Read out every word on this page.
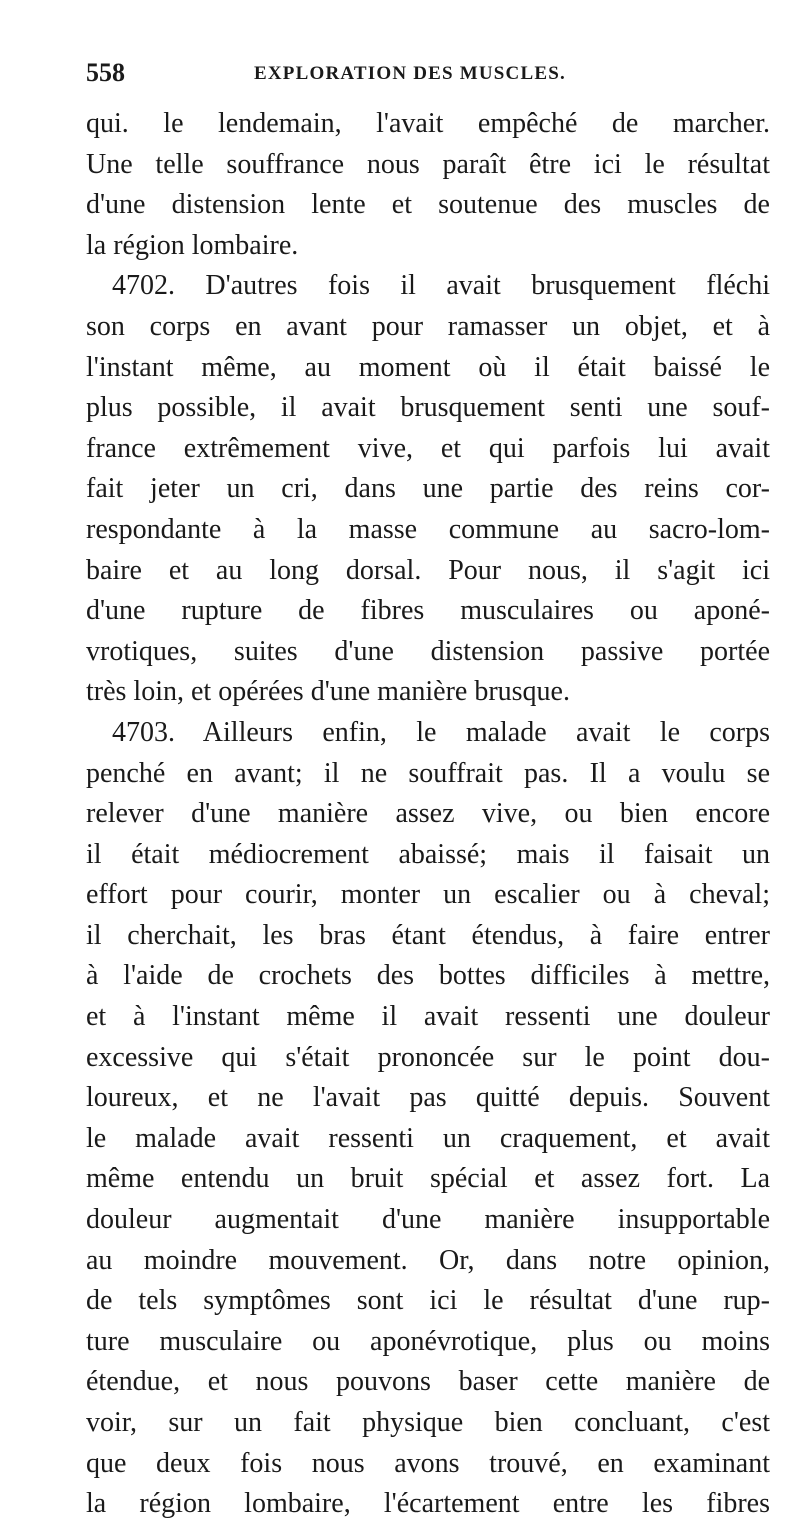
558	EXPLORATION DES MUSCLES.
qui. le lendemain, l'avait empêché de marcher.
Une telle souffrance nous paraît être ici le résultat
d'une distension lente et soutenue des muscles de
la région lombaire.
4702. D'autres fois il avait brusquement fléchi
son corps en avant pour ramasser un objet, et à
l'instant même, au moment où il était baissé le
plus possible, il avait brusquement senti une souf-
france extrêmement vive, et qui parfois lui avait
fait jeter un cri, dans une partie des reins cor-
respondante à la masse commune au sacro-lom-
baire et au long dorsal. Pour nous, il s'agit ici
d'une rupture de fibres musculaires ou aponé-
vrotiques, suites d'une distension passive portée
très loin, et opérées d'une manière brusque.
4703. Ailleurs enfin, le malade avait le corps
penché en avant; il ne souffrait pas. Il a voulu se
relever d'une manière assez vive, ou bien encore
il était médiocrement abaissé; mais il faisait un
effort pour courir, monter un escalier ou à cheval;
il cherchait, les bras étant étendus, à faire entrer
à l'aide de crochets des bottes difficiles à mettre,
et à l'instant même il avait ressenti une douleur
excessive qui s'était prononcée sur le point dou-
loureux, et ne l'avait pas quitté depuis. Souvent
le malade avait ressenti un craquement, et avait
même entendu un bruit spécial et assez fort. La
douleur augmentait d'une manière insupportable
au moindre mouvement. Or, dans notre opinion,
de tels symptômes sont ici le résultat d'une rup-
ture musculaire ou aponévrotique, plus ou moins
étendue, et nous pouvons baser cette manière de
voir, sur un fait physique bien concluant, c'est
que deux fois nous avons trouvé, en examinant
la région lombaire, l'écartement entre les fibres
